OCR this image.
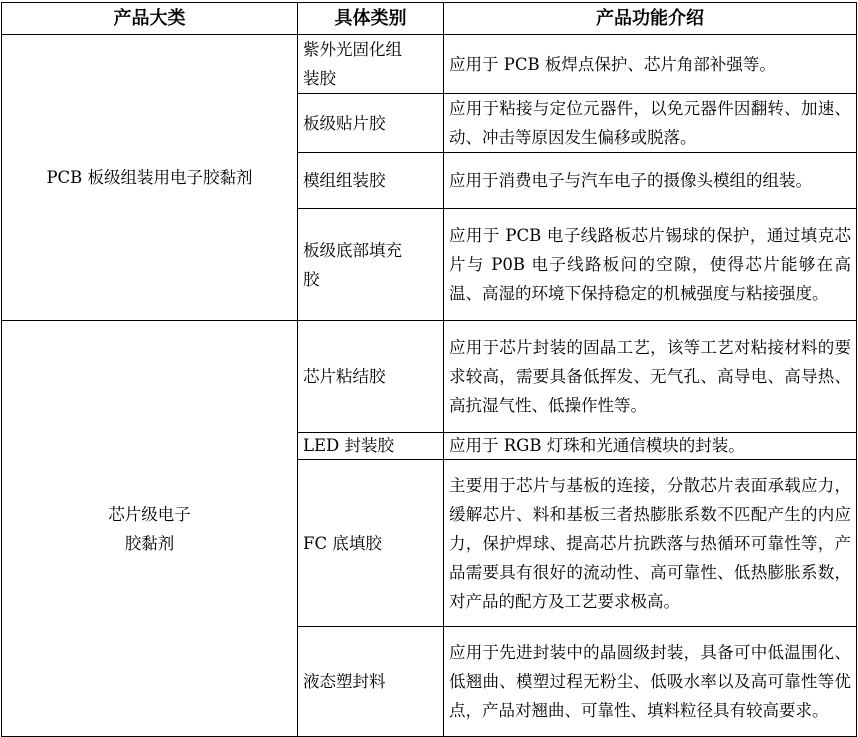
产品大类	具体类别	产品功能介绍
PCB 板级组装用电子胶黏剂	紫外光固化组装胶	应用于 PCB 板焊点保护、芯片角部补强等。
	板级贴片胶	应用于粘接与定位元器件，以免元器件因翻转、加速、动、冲击等原因发生偏移或脱落。
	模组组装胶	应用于消费电子与汽车电子的摄像头模组的组装。

	板级底部填充胶	应用于 PCB 电子线路板芯片锡球的保护，通过填克芯片与 P0B 电子线路板问的空隙，使得芯片能够在高温、高湿的环境下保持稳定的机械强度与粘接强度。

芯片级电子胶黏剂	芯片粘结胶	应用于芯片封装的固晶工艺，该等工艺对粘接材料的要求较高，需要具备低挥发、无气孔、高导电、高导热、高抗湿气性、低操作性等。
	LED 封装胶	应用于 RGB 灯珠和光通信模块的封装。
	FC 底填胶	主要用于芯片与基板的连接，分散芯片表面承载应力，缓解芯片、料和基板三者热膨胀系数不匹配产生的内应力，保护焊球、提高芯片抗跌落与热循环可靠性等，产品需要具有很好的流动性、高可靠性、低热膨胀系数，对产品的配方及工艺要求极高。
	液态塑封料	应用于先进封装中的晶圆级封装，具备可中低温围化、低翘曲、模塑过程无粉尘、低吸水率以及高可靠性等优点，产品对翘曲、可靠性、填料粒径具有较高要求。
